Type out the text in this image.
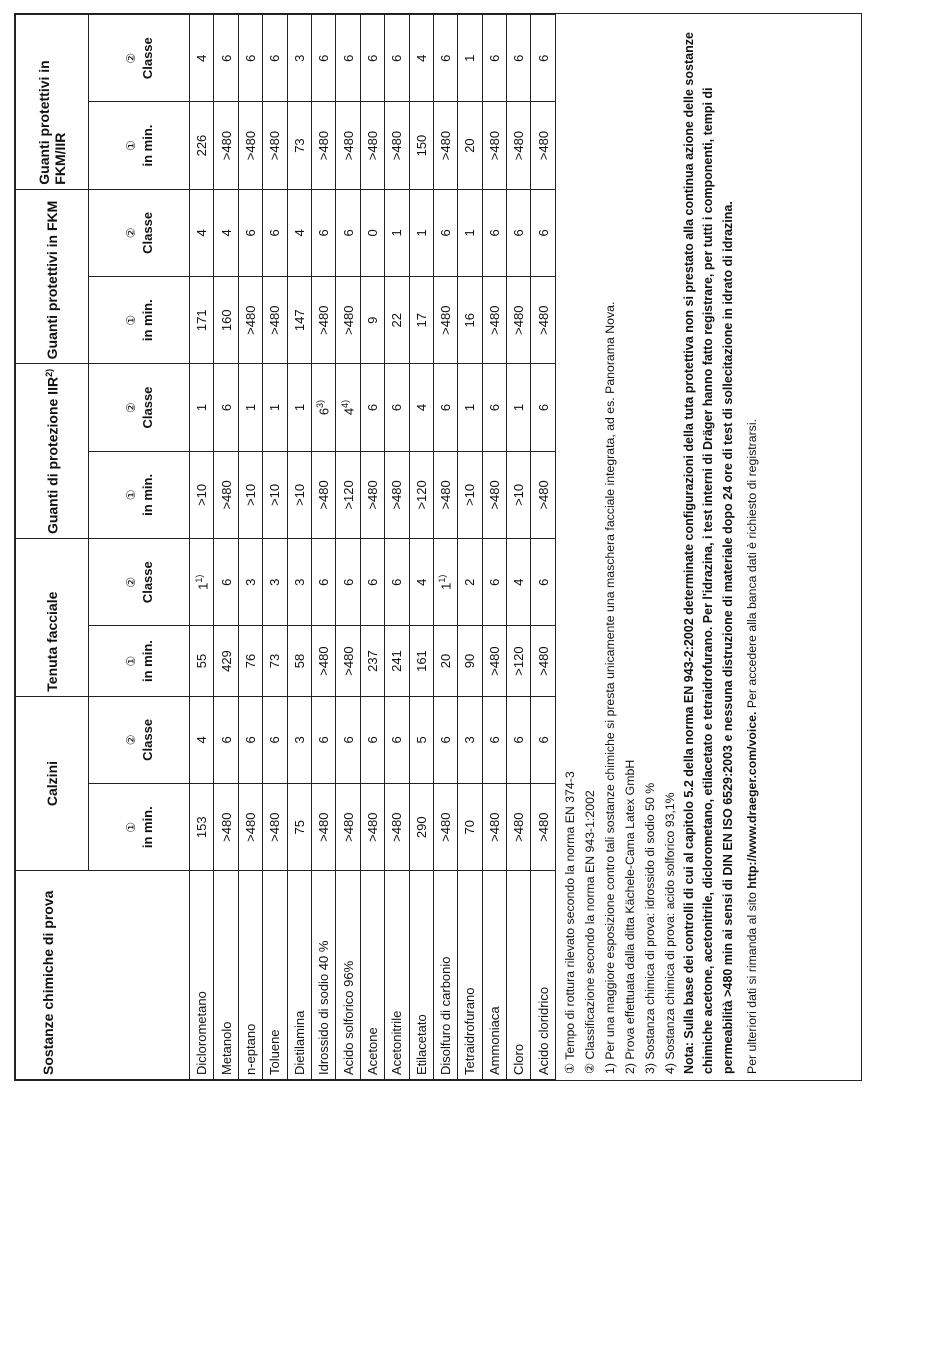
Sostanze chimiche di prova	Calzini		Tenuta facciale		Guanti di protezione IIR$^{2)}$		Guanti protettivi in FKM		Guanti protettivi in FKM/IIR	

	① in min.	② Classe	① in min.	② Classe	① in min.	② Classe	① in min.	② Classe	① in min.	② Classe
Diclorometano	153	4	55	$1^{1)}$	>10	1	171	4	226	4
Metanolo	>480	6	429	6	>480	6	160	4	>480	6
n-eptano	>480	6	76	3	>10	1	>480	6	>480	6
Toluene	>480	6	73	3	>10	1	>480	6	>480	6
Dietilamina	75	3	58	3	>10	1	147	4	73	3
Idrossido di sodio 40 %	>480	6	>480	6	>480	$6^{3)}$	>480	6	>480	6
Acido solforico 96%	>480	6	>480	6	>120	$4^{4)}$	>480	6	>480	6
Acetone	>480	6	237	6	>480	6	9	0	>480	6
Acetonitrile	>480	6	241	6	>480	6	22	1	>480	6
Etilacetato	290	5	161	4	>120	4	17	1	150	4
Disolfuro di carbonio	>480	6	20	$1^{1)}$	>480	6	>480	6	>480	6
Tetraidrofurano	70	3	90	2	>10	1	16	1	20	1
Ammoniaca	>480	6	>480	6	>480	6	>480	6	>480	6
Cloro	>480	6	>120	4	>10	1	>480	6	>480	6
Acido cloridrico	>480	6	>480	6	>480	6	>480	6	>480	6

① Tempo di rottura rilevato secondo la norma EN 374-3 ② Classificazione secondo la norma EN 943-1:2002 1) Per una maggiore esposizione contro tali sostanze chimiche si presta unicamente una maschera facciale integrata, ad es. Panorama Nova. 2) Prova effettuata dalla ditta Kächele-Cama Latex GmbH 3) Sostanza chimica di prova: idrossido di sodio 50 % 4) Sostanza chimica di prova: acido solforico 93,1% Nota: Sulla base dei controlli di cui al capitolo 5.2 della norma EN 943-2:2002 determinate configurazioni della tuta protettiva non si prestato alla continua azione delle sostanze chimiche acetone, acetonitrile, diclorometano, etilacetato e tetraidrofurano. Per l'idrazina, i test interni di Dräger hanno fatto registrare, per tutti i componenti, tempi di permeabilità >480 min ai sensi di DIN EN ISO 6529:2003 e nessuna distruzione di materiale dopo 24 ore di test di sollecitazione in idrato di idrazina. Per ulteriori dati si rimanda al sito http://www.draeger.com/voice. Per accedere alla banca dati è richiesto di registrarsi.
